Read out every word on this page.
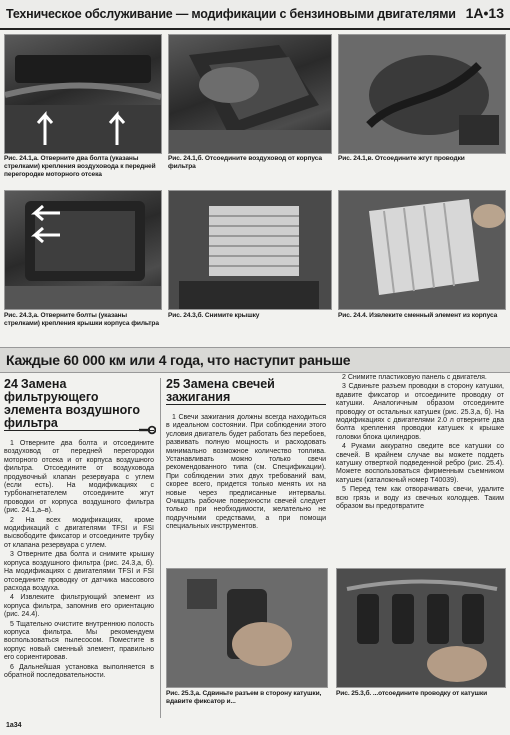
Техническое обслуживание — модификации с бензиновыми двигателями 1A•13
Рис. 24.1,а. Отверните два болта (указаны стрелками) крепления воздуховода к передней перегородке моторного отсека
Рис. 24.1,б. Отсоедините воздуховод от корпуса фильтра
Рис. 24.1,в. Отсоедините жгут проводки
Рис. 24.3,а. Отверните болты (указаны стрелками) крепления крышки корпуса фильтра
Рис. 24.3,б. Снимите крышку	Рис. 24.4. Извлеките сменный элемент из корпуса
Каждые 60 000 км или 4 года, что наступит раньше
24 Замена фильтрующего элемента воздушного фильтра

1 Отверните два болта и отсоедините воздуховод от передней перегородки моторного отсека и от корпуса воздушного фильтра. Отсоедините от воздуховода продувочный клапан резервуара с углем (если есть). На модификациях с турбонагнетателем отсоедините жгут проводки от корпуса воздушного фильтра (рис. 24.1,а–в).

2 На всех модификациях, кроме модификаций с двигателями TFSI и FSI высвободите фиксатор и отсоедините трубку от клапана резервуара с углем.

3 Отверните два болта и снимите крышку корпуса воздушного фильтра (рис. 24.3,а, б). На модификациях с двигателями TFSI и FSI отсоедините проводку от датчика массового расхода воздуха.

4 Извлеките фильтрующий элемент из корпуса фильтра, запомнив его ориентацию (рис. 24.4).

5 Тщательно очистите внутреннюю полость корпуса фильтра. Мы рекомендуем воспользоваться пылесосом. Поместите в корпус новый сменный элемент, правильно его сориентировав.

6 Дальнейшая установка выполняется в обратной последовательности.

25 Замена свечей зажигания

1 Свечи зажигания должны всегда находиться в идеальном состоянии. При соблюдении этого условия двигатель будет работать без перебоев, развивать полную мощность и расходовать минимально возможное количество топлива. Устанавливать можно только свечи рекомендованного типа (см. Спецификации). При соблюдении этих двух требований вам, скорее всего, придется только менять их на новые через предписанные интервалы. Очищать рабочие поверхности свечей следует только при необходимости, желательно не подручными средствами, а при помощи специальных инструментов.

2 Снимите пластиковую панель с двигателя.

3 Сдвиньте разъем проводки в сторону катушки, вдавите фиксатор и отсоедините проводку от катушки. Аналогичным образом отсоедините проводку от остальных катушек (рис. 25.3,а, б). На модификациях с двигателями 2.0 л отверните два болта крепления проводки катушек к крышке головки блока цилиндров.

4 Руками аккуратно сведите все катушки со свечей. В крайнем случае вы можете поддеть катушку отверткой подведенной ребро (рис. 25.4). Можете воспользоваться фирменным съемником катушек (каталожный номер T40039).

5 Перед тем как отворачивать свечи, удалите всю грязь и воду из свечных колодцев. Таким образом вы предотвратите

Рис. 25.3,а. Сдвиньте разъем в сторону катушки, вдавите фиксатор и...
Рис. 25.3,б. ...отсоедините проводку от катушки
1a34
